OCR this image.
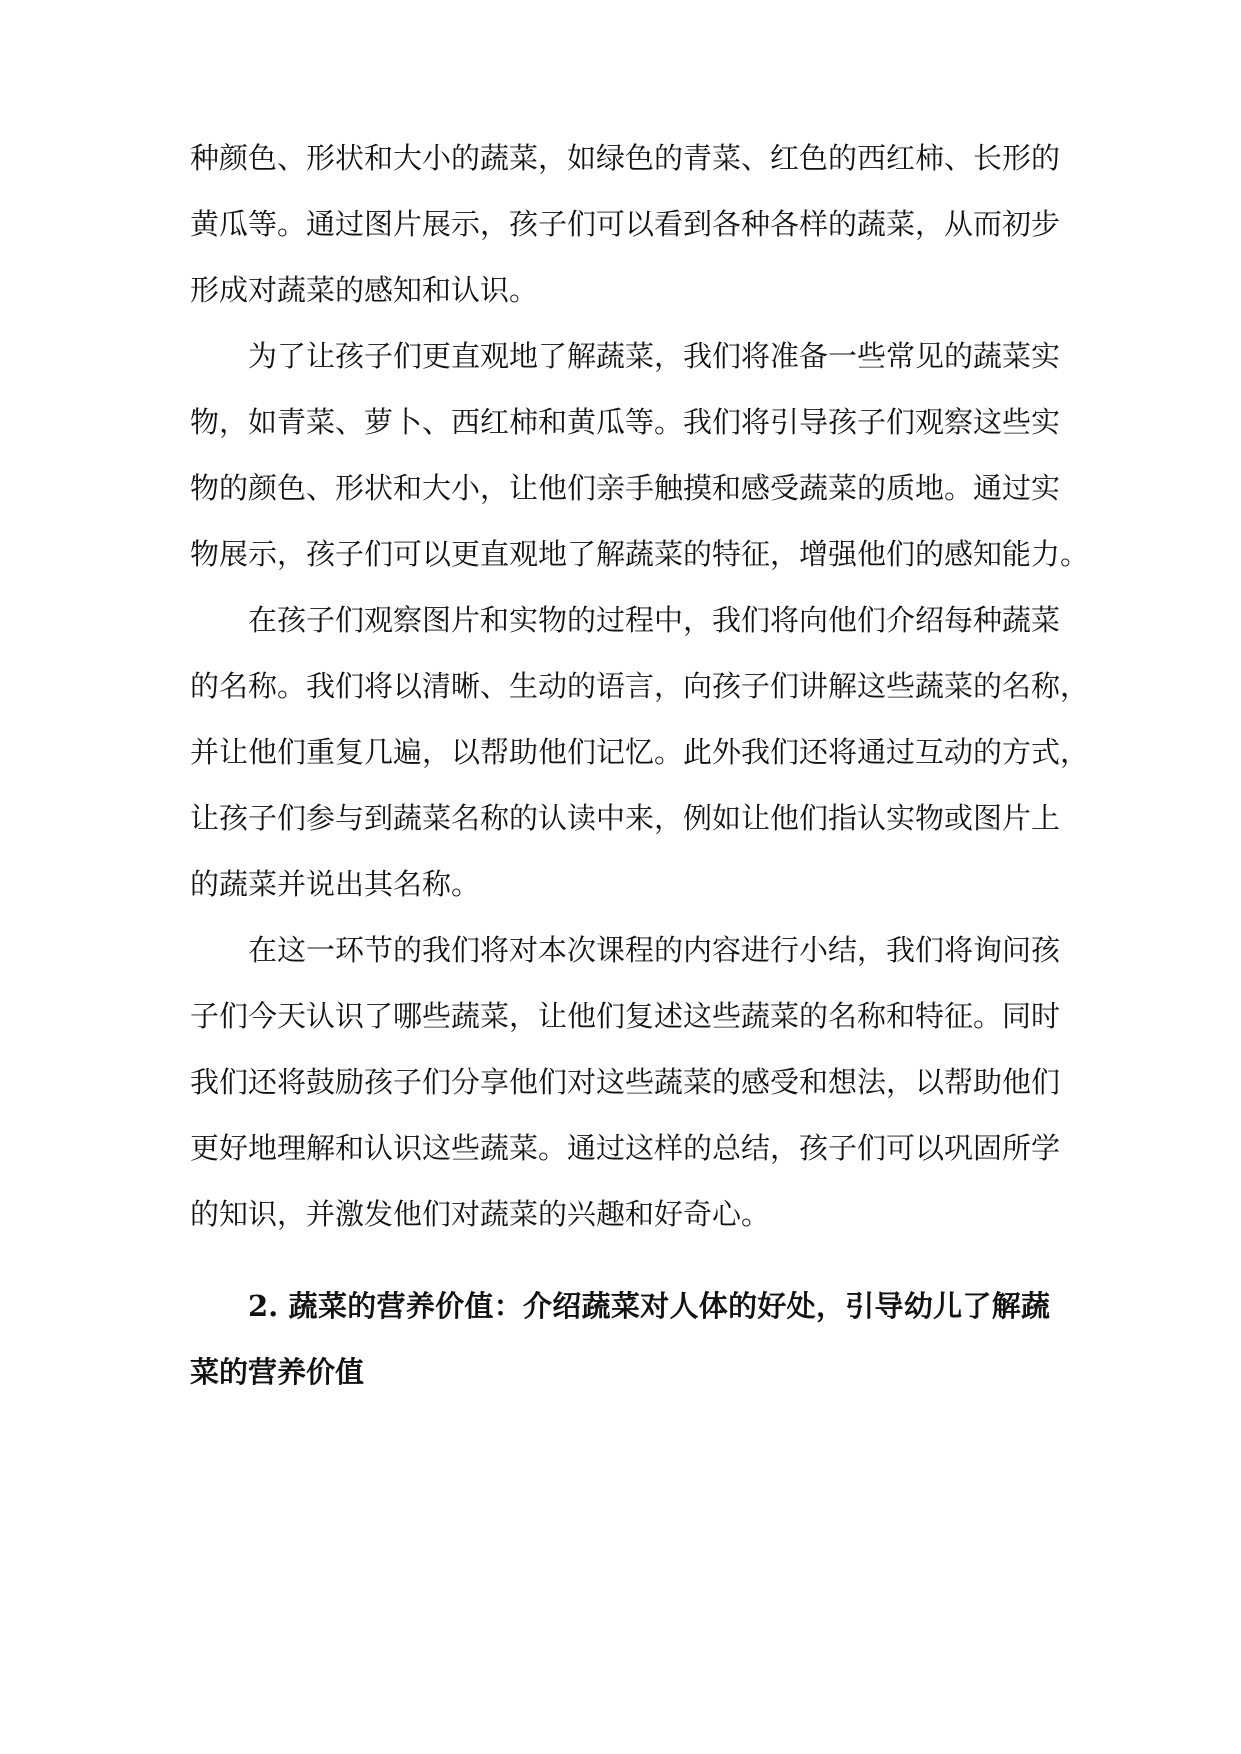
种颜色、形状和大小的蔬菜，如绿色的青菜、红色的西红柿、长形的
黄瓜等。通过图片展示，孩子们可以看到各种各样的蔬菜，从而初步
形成对蔬菜的感知和认识。
为了让孩子们更直观地了解蔬菜，我们将准备一些常见的蔬菜实
物，如青菜、萝卜、西红柿和黄瓜等。我们将引导孩子们观察这些实
物的颜色、形状和大小，让他们亲手触摸和感受蔬菜的质地。通过实
物展示，孩子们可以更直观地了解蔬菜的特征，增强他们的感知能力。
在孩子们观察图片和实物的过程中，我们将向他们介绍每种蔬菜
的名称。我们将以清晰、生动的语言，向孩子们讲解这些蔬菜的名称，
并让他们重复几遍，以帮助他们记忆。此外我们还将通过互动的方式，
让孩子们参与到蔬菜名称的认读中来，例如让他们指认实物或图片上
的蔬菜并说出其名称。
在这一环节的我们将对本次课程的内容进行小结，我们将询问孩
子们今天认识了哪些蔬菜，让他们复述这些蔬菜的名称和特征。同时
我们还将鼓励孩子们分享他们对这些蔬菜的感受和想法，以帮助他们
更好地理解和认识这些蔬菜。通过这样的总结，孩子们可以巩固所学
的知识，并激发他们对蔬菜的兴趣和好奇心。
2. 蔬菜的营养价值：介绍蔬菜对人体的好处，引导幼儿了解蔬
菜的营养价值
